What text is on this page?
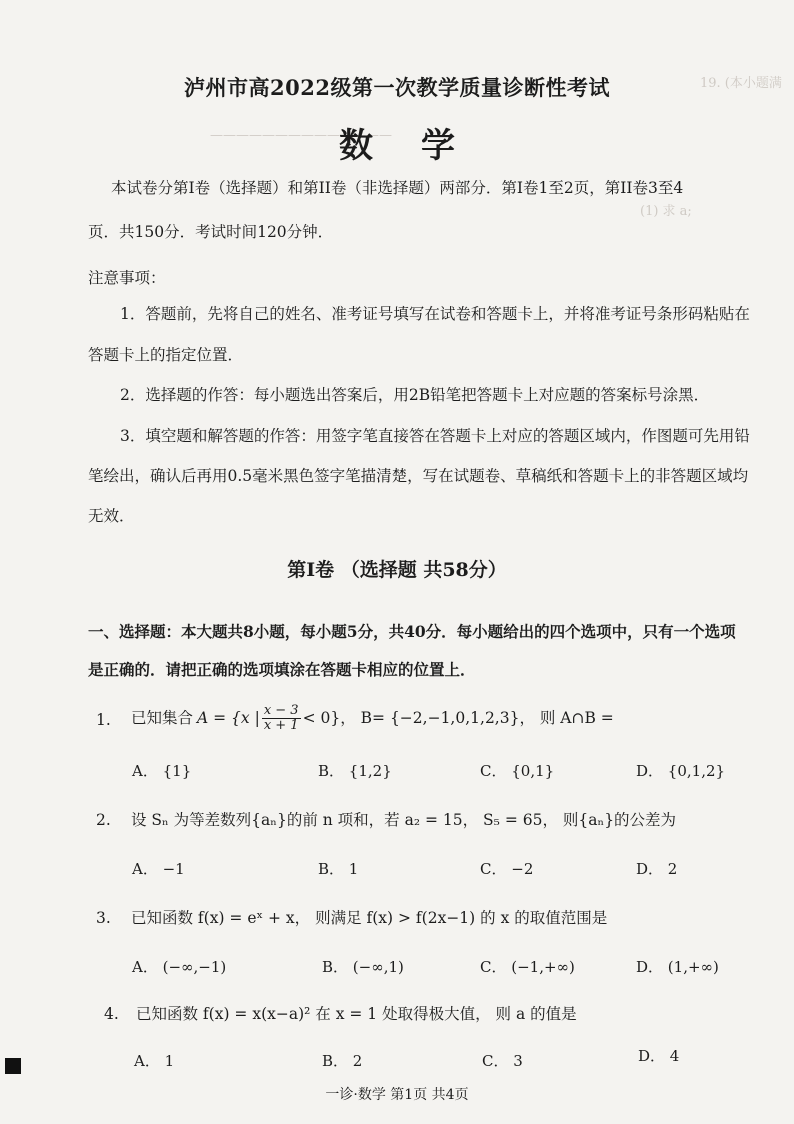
19. (本小题满
——————————————
(1) 求 a;
泸州市高2022级第一次教学质量诊断性考试
数学
本试卷分第I卷（选择题）和第II卷（非选择题）两部分．第I卷1至2页，第II卷3至4
页．共150分．考试时间120分钟．
注意事项：
1．答题前，先将自己的姓名、准考证号填写在试卷和答题卡上，并将准考证号条形码粘贴在
答题卡上的指定位置．
2．选择题的作答：每小题选出答案后，用2B铅笔把答题卡上对应题的答案标号涂黑．
3．填空题和解答题的作答：用签字笔直接答在答题卡上对应的答题区域内，作图题可先用铅
笔绘出，确认后再用0.5毫米黑色签字笔描清楚，写在试题卷、草稿纸和答题卡上的非答题区域均
无效．
第I卷 （选择题 共58分）
一、选择题：本大题共8小题，每小题5分，共40分．每小题给出的四个选项中，只有一个选项
是正确的．请把正确的选项填涂在答题卡相应的位置上．
1. 已知集合 A = {x | $\frac{x - 3}{x + 1} < 0$}， B= {−2,−1,0,1,2,3}， 则 A∩B =
A． {1}	B． {1,2}	C． {0,1}	D． {0,1,2}
2. 设 Sₙ 为等差数列{aₙ}的前 n 项和，若 a₂ = 15， S₅ = 65， 则{aₙ}的公差为
A． −1	B． 1	C． −2	D． 2
3. 已知函数 f(x) = eˣ + x， 则满足 f(x) > f(2x−1) 的 x 的取值范围是
A． (−∞,−1)	B． (−∞,1)	C． (−1,+∞)	D． (1,+∞)
4. 已知函数 f(x) = x(x−a)² 在 x = 1 处取得极大值， 则 a 的值是
A． 1	B． 2	C． 3	D． 4
一诊·数学 第1页 共4页
